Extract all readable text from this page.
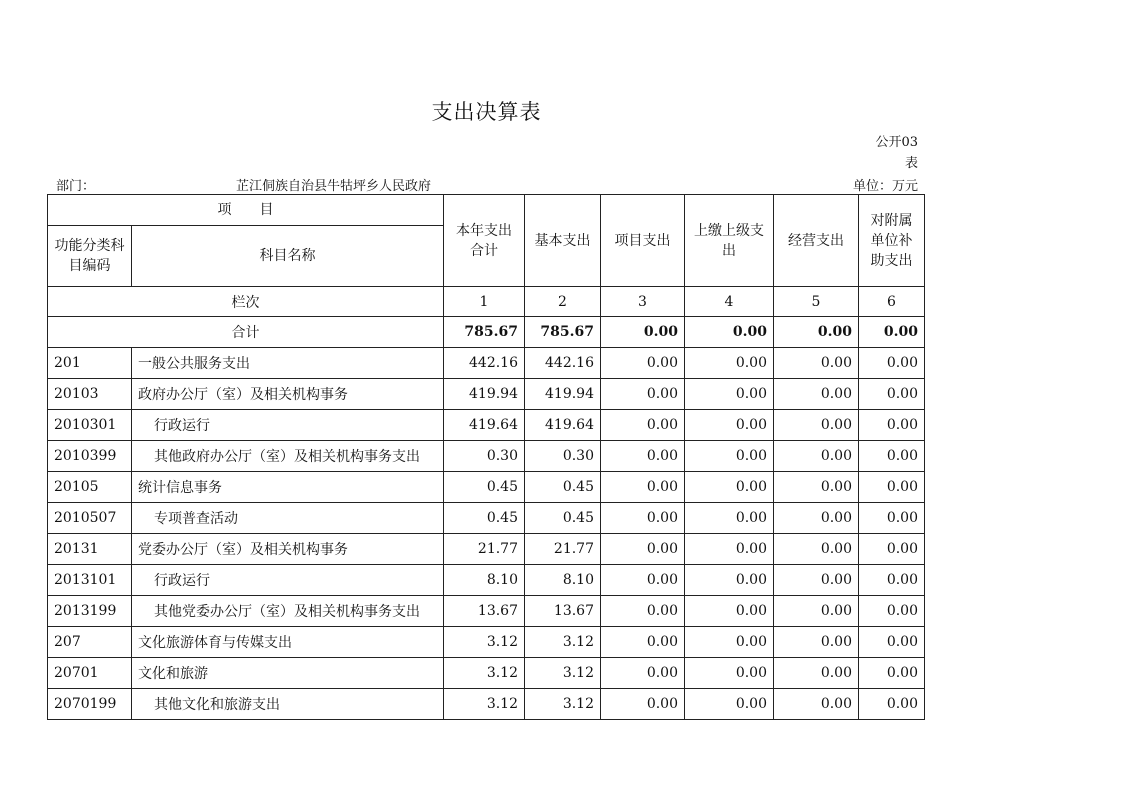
支出决算表
公开03
表
部门：	芷江侗族自治县牛牯坪乡人民政府	单位：万元
项　　目		本年支出合计	基本支出	项目支出	上缴上级支出	经营支出	对附属单位补助支出
功能分类科目编码	科目名称						
栏次		1	2	3	4	5	6
合计		785.67	785.67	0.00	0.00	0.00	0.00
201	一般公共服务支出	442.16	442.16	0.00	0.00	0.00	0.00
20103	政府办公厅（室）及相关机构事务	419.94	419.94	0.00	0.00	0.00	0.00
2010301	行政运行	419.64	419.64	0.00	0.00	0.00	0.00
2010399	其他政府办公厅（室）及相关机构事务支出	0.30	0.30	0.00	0.00	0.00	0.00
20105	统计信息事务	0.45	0.45	0.00	0.00	0.00	0.00
2010507	专项普查活动	0.45	0.45	0.00	0.00	0.00	0.00
20131	党委办公厅（室）及相关机构事务	21.77	21.77	0.00	0.00	0.00	0.00
2013101	行政运行	8.10	8.10	0.00	0.00	0.00	0.00
2013199	其他党委办公厅（室）及相关机构事务支出	13.67	13.67	0.00	0.00	0.00	0.00
207	文化旅游体育与传媒支出	3.12	3.12	0.00	0.00	0.00	0.00
20701	文化和旅游	3.12	3.12	0.00	0.00	0.00	0.00
2070199	其他文化和旅游支出	3.12	3.12	0.00	0.00	0.00	0.00
